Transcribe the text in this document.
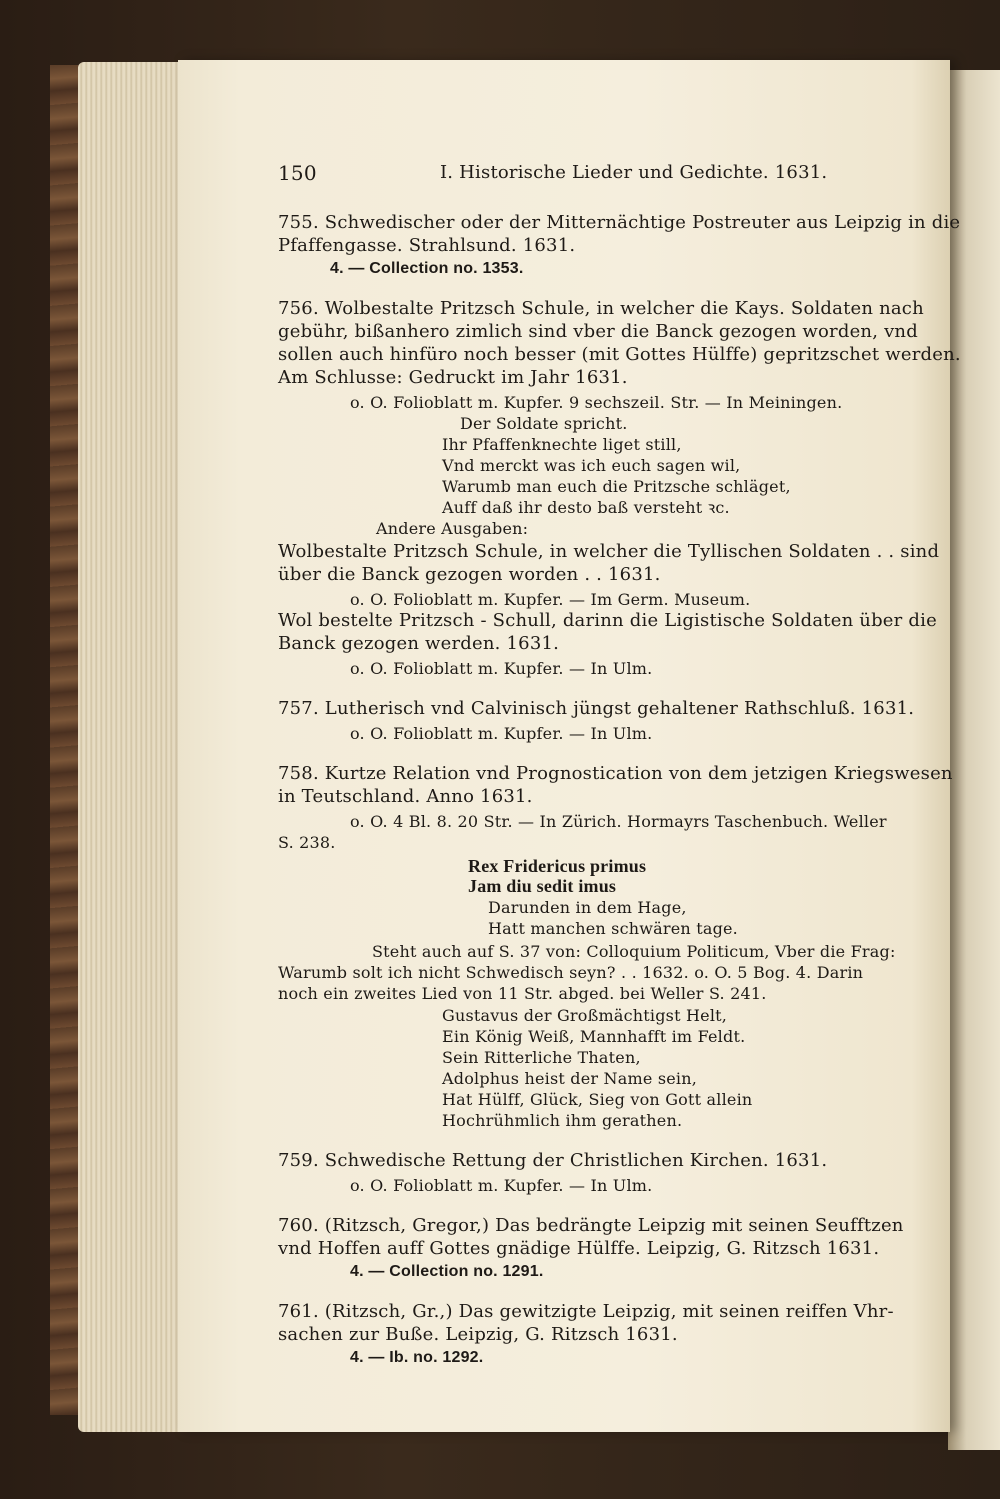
150	I. Historische Lieder und Gedichte. 1631.
755. Schwedischer oder der Mitternächtige Postreuter aus Leipzig in die
Pfaffengasse. Strahlsund. 1631.
4. — Collection no. 1353.
756. Wolbestalte Pritzsch Schule, in welcher die Kays. Soldaten nach
gebühr, bißanhero zimlich sind vber die Banck gezogen worden, vnd
sollen auch hinfüro noch besser (mit Gottes Hülffe) gepritzschet werden.
Am Schlusse: Gedruckt im Jahr 1631.
o. O. Folioblatt m. Kupfer. 9 sechszeil. Str. — In Meiningen.
Der Soldate spricht.
Ihr Pfaffenknechte liget still,
Vnd merckt was ich euch sagen wil,
Warumb man euch die Pritzsche schläget,
Auff daß ihr desto baß versteht ꝛc.
Andere Ausgaben:
Wolbestalte Pritzsch Schule, in welcher die Tyllischen Soldaten . . sind
über die Banck gezogen worden . . 1631.
o. O. Folioblatt m. Kupfer. — Im Germ. Museum.
Wol bestelte Pritzsch - Schull, darinn die Ligistische Soldaten über die
Banck gezogen werden. 1631.
o. O. Folioblatt m. Kupfer. — In Ulm.
757. Lutherisch vnd Calvinisch jüngst gehaltener Rathschluß. 1631.
o. O. Folioblatt m. Kupfer. — In Ulm.
758. Kurtze Relation vnd Prognostication von dem jetzigen Kriegswesen
in Teutschland. Anno 1631.
o. O. 4 Bl. 8. 20 Str. — In Zürich. Hormayrs Taschenbuch. Weller
S. 238.
Rex Fridericus primus
Jam diu sedit imus
Darunden in dem Hage,
Hatt manchen schwären tage.
Steht auch auf S. 37 von: Colloquium Politicum, Vber die Frag:
Warumb solt ich nicht Schwedisch seyn? . . 1632. o. O. 5 Bog. 4. Darin
noch ein zweites Lied von 11 Str. abged. bei Weller S. 241.
Gustavus der Großmächtigst Helt,
Ein König Weiß, Mannhafft im Feldt.
Sein Ritterliche Thaten,
Adolphus heist der Name sein,
Hat Hülff, Glück, Sieg von Gott allein
Hochrühmlich ihm gerathen.
759. Schwedische Rettung der Christlichen Kirchen. 1631.
o. O. Folioblatt m. Kupfer. — In Ulm.
760. (Ritzsch, Gregor,) Das bedrängte Leipzig mit seinen Seufftzen
vnd Hoffen auff Gottes gnädige Hülffe. Leipzig, G. Ritzsch 1631.
4. — Collection no. 1291.
761. (Ritzsch, Gr.,) Das gewitzigte Leipzig, mit seinen reiffen Vhr-
sachen zur Buße. Leipzig, G. Ritzsch 1631.
4. — Ib. no. 1292.
